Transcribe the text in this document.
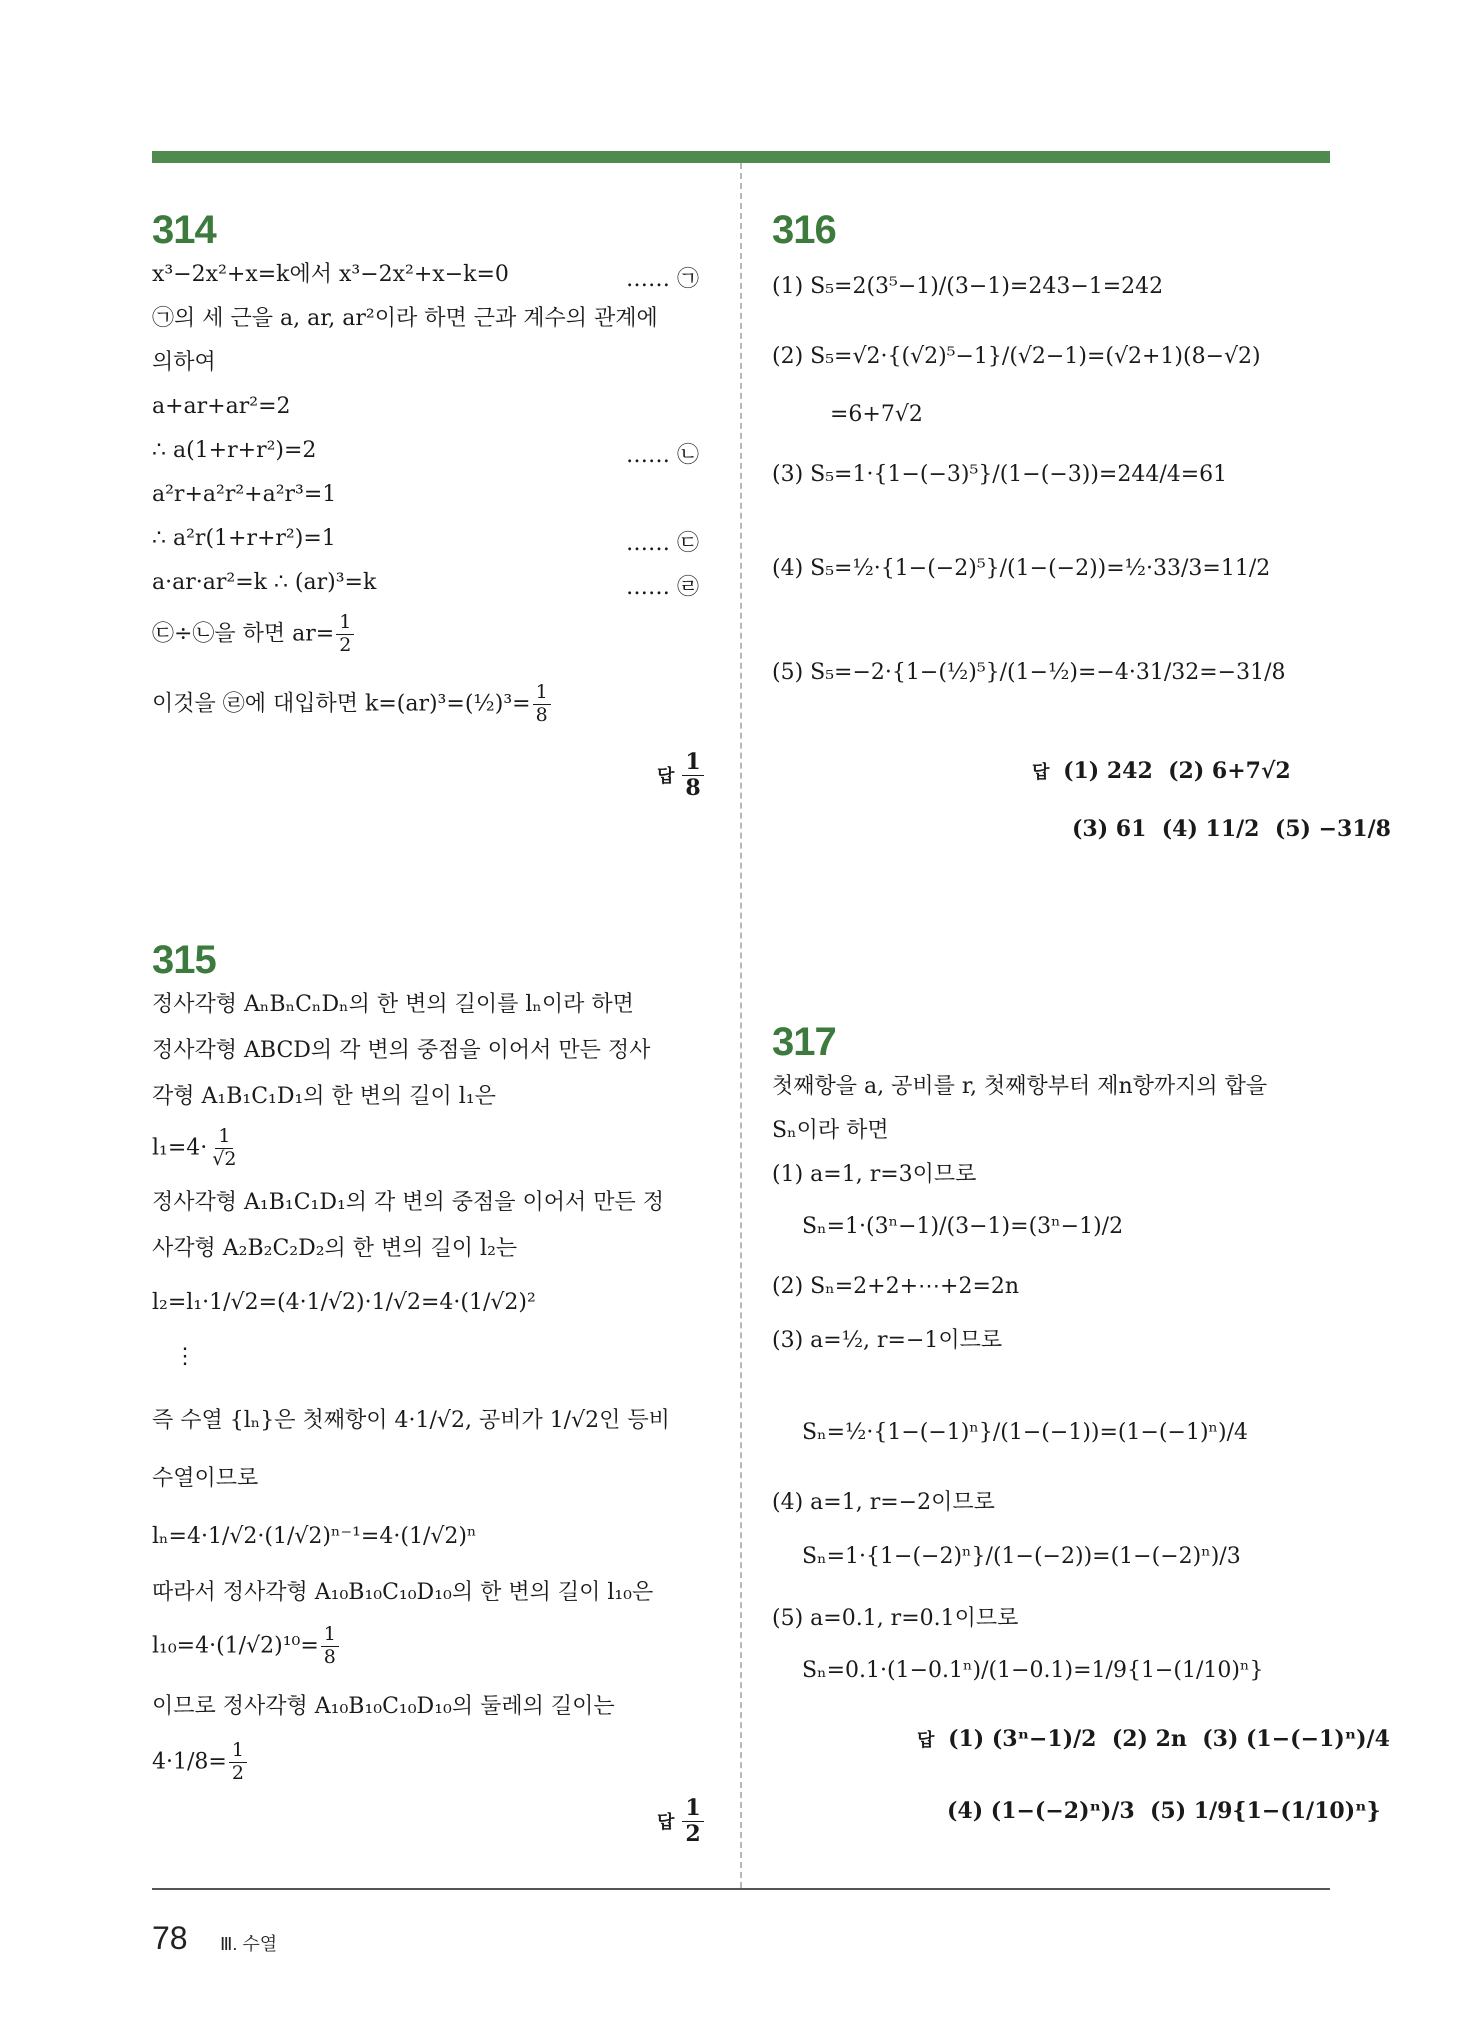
314
x³−2x²+x=k에서 x³−2x²+x−k=0	…… ㉠
㉠의 세 근을 a, ar, ar²이라 하면 근과 계수의 관계에
의하여
a+ar+ar²=2
∴ a(1+r+r²)=2	…… ㉡
a²r+a²r²+a²r³=1
∴ a²r(1+r+r²)=1	…… ㉢
a·ar·ar²=k ∴ (ar)³=k	…… ㉣
㉢÷㉡을 하면 $ar= \frac{1}{2}$
이것을 ㉣에 대입하면 k=(ar)³=(½)³= $\frac{1}{8}$
답 $\frac{1}{8}$
315
정사각형 AₙBₙCₙDₙ의 한 변의 길이를 lₙ이라 하면
정사각형 ABCD의 각 변의 중점을 이어서 만든 정사
각형 A₁B₁C₁D₁의 한 변의 길이 l₁은
$l_1=4\cdot \frac{1}{√2}$
정사각형 A₁B₁C₁D₁의 각 변의 중점을 이어서 만든 정
사각형 A₂B₂C₂D₂의 한 변의 길이 l₂는
l₂=l₁·1/√2=(4·1/√2)·1/√2=4·(1/√2)²
⋮
즉 수열 {lₙ}은 첫째항이 4·1/√2, 공비가 1/√2인 등비
수열이므로
lₙ=4·1/√2·(1/√2)ⁿ⁻¹=4·(1/√2)ⁿ
따라서 정사각형 A₁₀B₁₀C₁₀D₁₀의 한 변의 길이 l₁₀은
$l_{10}=4\cdot(1/√2)^{10}= \frac{1}{8}$
이므로 정사각형 A₁₀B₁₀C₁₀D₁₀의 둘레의 길이는
$4\cdot 1/8= \frac{1}{2}$
답 $\frac{1}{2}$
316
(1) S₅=2(3⁵−1)/(3−1)=243−1=242
(2) S₅=√2·{(√2)⁵−1}/(√2−1)=(√2+1)(8−√2)
=6+7√2
(3) S₅=1·{1−(−3)⁵}/(1−(−3))=244/4=61
(4) S₅=½·{1−(−2)⁵}/(1−(−2))=½·33/3=11/2
(5) S₅=−2·{1−(½)⁵}/(1−½)=−4·31/32=−31/8
답 (1) 242 (2) 6+7√2
(3) 61 (4) 11/2 (5) −31/8
317
첫째항을 a, 공비를 r, 첫째항부터 제n항까지의 합을
Sₙ이라 하면
(1) a=1, r=3이므로
Sₙ=1·(3ⁿ−1)/(3−1)=(3ⁿ−1)/2
(2) Sₙ=2+2+⋯+2=2n
(3) a=½, r=−1이므로
Sₙ=½·{1−(−1)ⁿ}/(1−(−1))=(1−(−1)ⁿ)/4
(4) a=1, r=−2이므로
Sₙ=1·{1−(−2)ⁿ}/(1−(−2))=(1−(−2)ⁿ)/3
(5) a=0.1, r=0.1이므로
Sₙ=0.1·(1−0.1ⁿ)/(1−0.1)=1/9{1−(1/10)ⁿ}
답 (1) (3ⁿ−1)/2 (2) 2n (3) (1−(−1)ⁿ)/4
(4) (1−(−2)ⁿ)/3 (5) 1/9{1−(1/10)ⁿ}
78 Ⅲ. 수열
